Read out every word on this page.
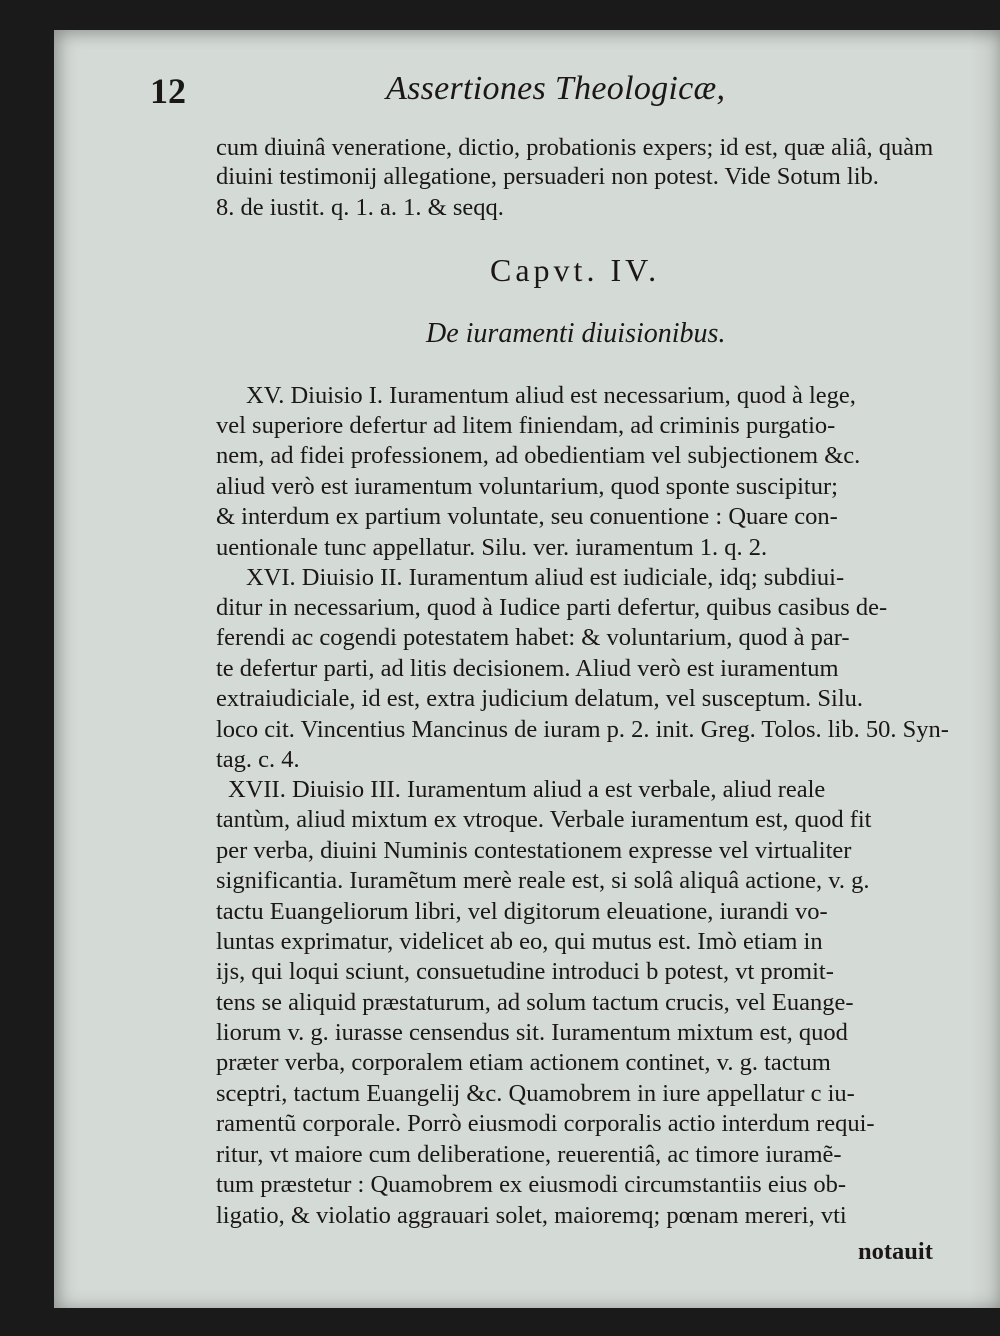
12	Assertiones Theologicæ,
cum diuinâ veneratione, dictio, probationis expers; id est, quæ aliâ, quàm
diuini testimonij allegatione, persuaderi non potest. Vide Sotum lib.
8. de iustit. q. 1. a. 1. & seqq.
Capvt. IV.
De iuramenti diuisionibus.
XV. Diuisio I. Iuramentum aliud est necessarium, quod à lege,
vel superiore defertur ad litem finiendam, ad criminis purgatio-
nem, ad fidei professionem, ad obedientiam vel subjectionem &c.
aliud verò est iuramentum voluntarium, quod sponte suscipitur;
& interdum ex partium voluntate, seu conuentione : Quare con-
uentionale tunc appellatur. Silu. ver. iuramentum 1. q. 2.
XVI. Diuisio II. Iuramentum aliud est iudiciale, idq; subdiui-
ditur in necessarium, quod à Iudice parti defertur, quibus casibus de-
ferendi ac cogendi potestatem habet: & voluntarium, quod à par-
te defertur parti, ad litis decisionem. Aliud verò est iuramentum
extraiudiciale, id est, extra judicium delatum, vel susceptum. Silu.
loco cit. Vincentius Mancinus de iuram p. 2. init. Greg. Tolos. lib. 50. Syn-
tag. c. 4.
XVII. Diuisio III. Iuramentum aliud a est verbale, aliud reale
tantùm, aliud mixtum ex vtroque. Verbale iuramentum est, quod fit
per verba, diuini Numinis contestationem expresse vel virtualiter
significantia. Iuramẽtum merè reale est, si solâ aliquâ actione, v. g.
tactu Euangeliorum libri, vel digitorum eleuatione, iurandi vo-
luntas exprimatur, videlicet ab eo, qui mutus est. Imò etiam in
ijs, qui loqui sciunt, consuetudine introduci b potest, vt promit-
tens se aliquid præstaturum, ad solum tactum crucis, vel Euange-
liorum v. g. iurasse censendus sit. Iuramentum mixtum est, quod
præter verba, corporalem etiam actionem continet, v. g. tactum
sceptri, tactum Euangelij &c. Quamobrem in iure appellatur c iu-
ramentũ corporale. Porrò eiusmodi corporalis actio interdum requi-
ritur, vt maiore cum deliberatione, reuerentiâ, ac timore iuramẽ-
tum præstetur : Quamobrem ex eiusmodi circumstantiis eius ob-
ligatio, & violatio aggrauari solet, maioremq; pœnam mereri, vti
notauit
